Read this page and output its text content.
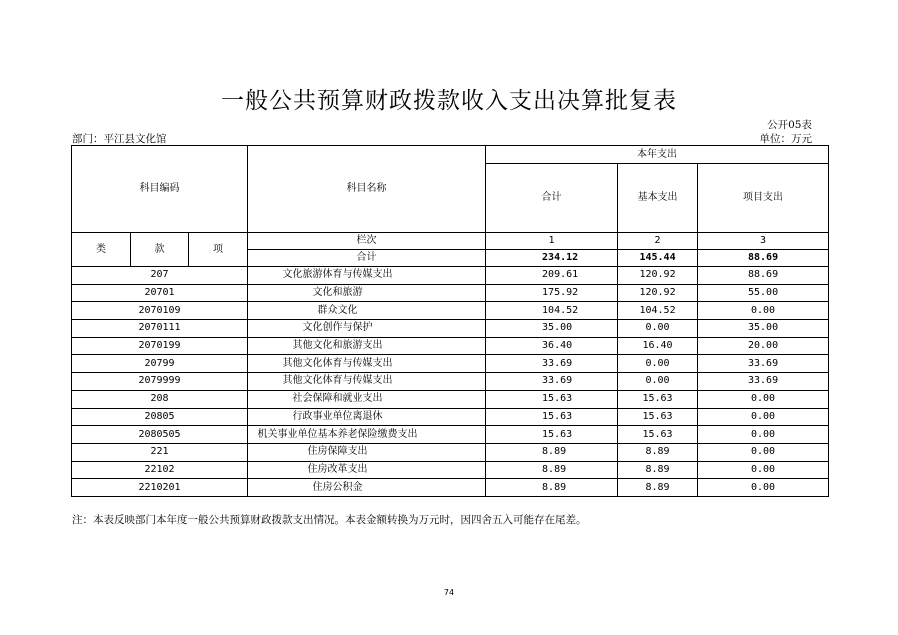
一般公共预算财政拨款收入支出决算批复表
公开05表
部门：平江县文化馆	单位：万元
科目编码			科目名称	本年支出		
				合计	基本支出	项目支出
类	款	项	栏次	1	2	3
			合计	234.12	145.44	88.69
207			文化旅游体育与传媒支出	209.61	120.92	88.69
20701			文化和旅游	175.92	120.92	55.00
2070109			群众文化	104.52	104.52	0.00
2070111			文化创作与保护	35.00	0.00	35.00
2070199			其他文化和旅游支出	36.40	16.40	20.00
20799			其他文化体育与传媒支出	33.69	0.00	33.69
2079999			其他文化体育与传媒支出	33.69	0.00	33.69
208			社会保障和就业支出	15.63	15.63	0.00
20805			行政事业单位离退休	15.63	15.63	0.00
2080505			机关事业单位基本养老保险缴费支出	15.63	15.63	0.00
221			住房保障支出	8.89	8.89	0.00
22102			住房改革支出	8.89	8.89	0.00
2210201			住房公积金	8.89	8.89	0.00
注：本表反映部门本年度一般公共预算财政拨款支出情况。本表金额转换为万元时，因四舍五入可能存在尾差。
74
